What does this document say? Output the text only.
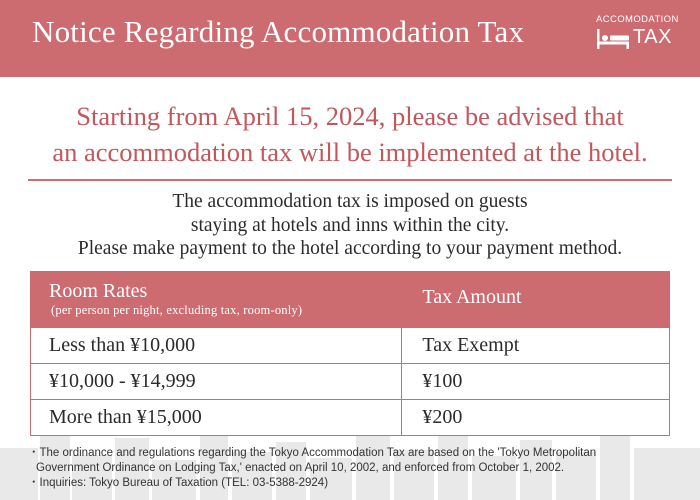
Notice Regarding Accommodation Tax	ACCOMODATION
TAX
Starting from April 15, 2024, please be advised that
an accommodation tax will be implemented at the hotel.
The accommodation tax is imposed on guests
staying at hotels and inns within the city.
Please make payment to the hotel according to your payment method.
Room Rates
(per person per night, excluding tax, room-only)	Tax Amount
Less than ¥10,000	Tax Exempt
¥10,000 - ¥14,999	¥100
More than ¥15,000	¥200
・The ordinance and regulations regarding the Tokyo Accommodation Tax are based on the 'Tokyo Metropolitan
Government Ordinance on Lodging Tax,' enacted on April 10, 2002, and enforced from October 1, 2002.
・Inquiries: Tokyo Bureau of Taxation (TEL: 03-5388-2924)
